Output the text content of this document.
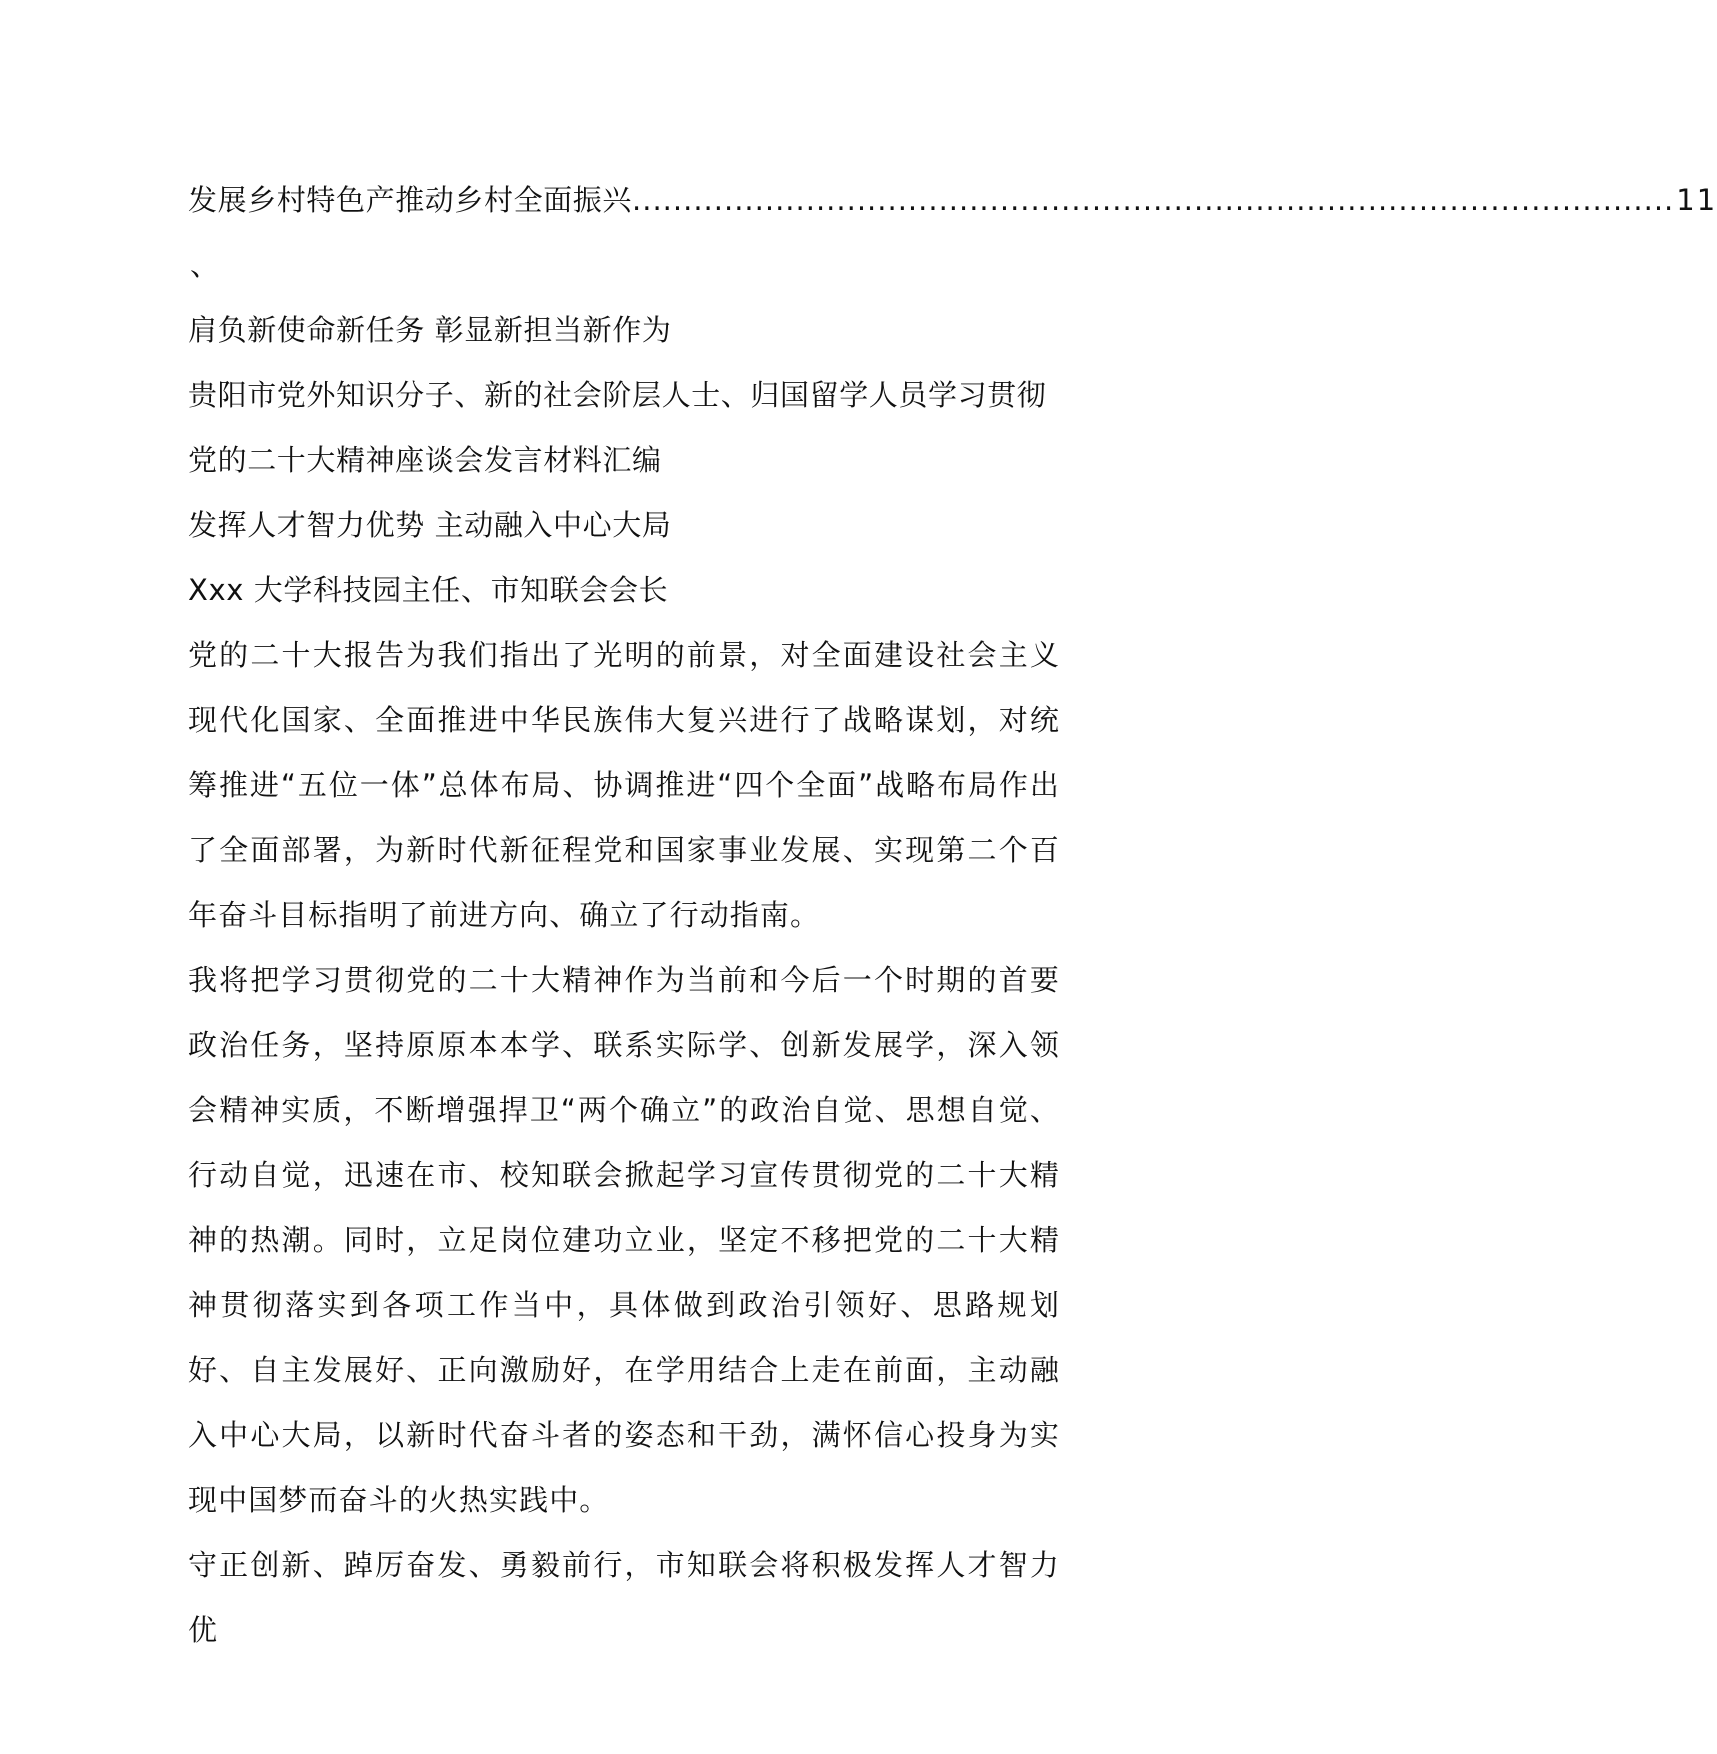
发展乡村特色产推动乡村全面振兴 ...................................................................................................... 11
、
肩负新使命新任务 彰显新担当新作为
贵阳市党外知识分子、新的社会阶层人士、归国留学人员学习贯彻
党的二十大精神座谈会发言材料汇编
发挥人才智力优势 主动融入中心大局
Xxx 大学科技园主任、市知联会会长

党的二十大报告为我们指出了光明的前景，对全面建设社会主义现代化国家、全面推进中华民族伟大复兴进行了战略谋划，对统筹推进“五位一体”总体布局、协调推进“四个全面”战略布局作出了全面部署，为新时代新征程党和国家事业发展、实现第二个百年奋斗目标指明了前进方向、确立了行动指南。

我将把学习贯彻党的二十大精神作为当前和今后一个时期的首要政治任务，坚持原原本本学、联系实际学、创新发展学，深入领会精神实质，不断增强捍卫“两个确立”的政治自觉、思想自觉、行动自觉，迅速在市、校知联会掀起学习宣传贯彻党的二十大精神的热潮。同时，立足岗位建功立业，坚定不移把党的二十大精神贯彻落实到各项工作当中，具体做到政治引领好、思路规划好、自主发展好、正向激励好，在学用结合上走在前面，主动融入中心大局，以新时代奋斗者的姿态和干劲，满怀信心投身为实现中国梦而奋斗的火热实践中。

守正创新、踔厉奋发、勇毅前行，市知联会将积极发挥人才智力优
